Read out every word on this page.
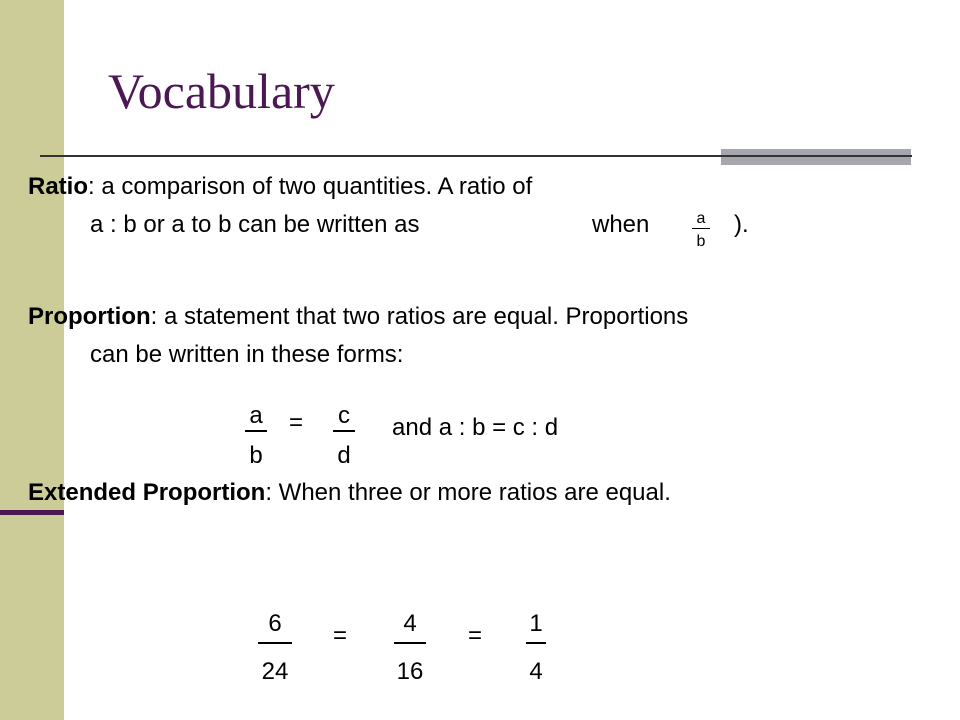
Vocabulary
Ratio: a comparison of two quantities. A ratio of
a : b or a to b can be written as	when	a
b
).
Proportion: a statement that two ratios are equal. Proportions
can be written in these forms:
a
b
= c
d
and a : b = c : d
Extended Proportion: When three or more ratios are equal.
6
24
=	4
16
= 1
4
